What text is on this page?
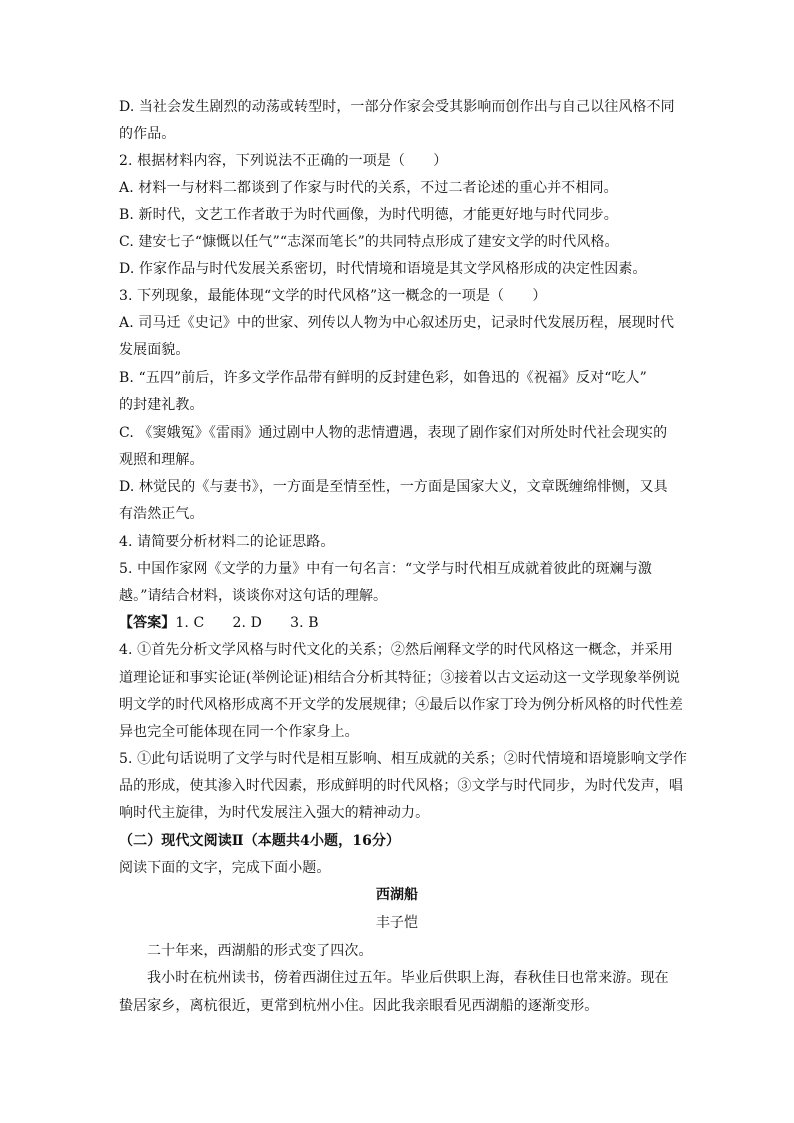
D. 当社会发生剧烈的动荡或转型时，一部分作家会受其影响而创作出与自己以往风格不同
的作品。
2. 根据材料内容，下列说法不正确的一项是（　　）
A. 材料一与材料二都谈到了作家与时代的关系，不过二者论述的重心并不相同。
B. 新时代，文艺工作者敢于为时代画像，为时代明德，才能更好地与时代同步。
C. 建安七子“慷慨以任气”“志深而笔长”的共同特点形成了建安文学的时代风格。
D. 作家作品与时代发展关系密切，时代情境和语境是其文学风格形成的决定性因素。
3. 下列现象，最能体现“文学的时代风格”这一概念的一项是（　　）
A. 司马迁《史记》中的世家、列传以人物为中心叙述历史，记录时代发展历程，展现时代
发展面貌。
B. “五四”前后，许多文学作品带有鲜明的反封建色彩，如鲁迅的《祝福》反对“吃人”
的封建礼教。
C. 《窦娥冤》《雷雨》通过剧中人物的悲情遭遇，表现了剧作家们对所处时代社会现实的
观照和理解。
D. 林觉民的《与妻书》，一方面是至情至性，一方面是国家大义，文章既缠绵悱恻，又具
有浩然正气。
4. 请简要分析材料二的论证思路。
5. 中国作家网《文学的力量》中有一句名言：“文学与时代相互成就着彼此的斑斓与激
越。”请结合材料，谈谈你对这句话的理解。
【答案】1. C　　2. D　　3. B
4. ①首先分析文学风格与时代文化的关系；②然后阐释文学的时代风格这一概念，并采用
道理论证和事实论证(举例论证)相结合分析其特征；③接着以古文运动这一文学现象举例说
明文学的时代风格形成离不开文学的发展规律；④最后以作家丁玲为例分析风格的时代性差
异也完全可能体现在同一个作家身上。
5. ①此句话说明了文学与时代是相互影响、相互成就的关系；②时代情境和语境影响文学作
品的形成，使其渗入时代因素，形成鲜明的时代风格；③文学与时代同步，为时代发声，唱
响时代主旋律，为时代发展注入强大的精神动力。
（二）现代文阅读Ⅱ（本题共4小题，16分）
阅读下面的文字，完成下面小题。
西湖船
丰子恺
二十年来，西湖船的形式变了四次。
我小时在杭州读书，傍着西湖住过五年。毕业后供职上海，春秋佳日也常来游。现在
蛰居家乡，离杭很近，更常到杭州小住。因此我亲眼看见西湖船的逐渐变形。
